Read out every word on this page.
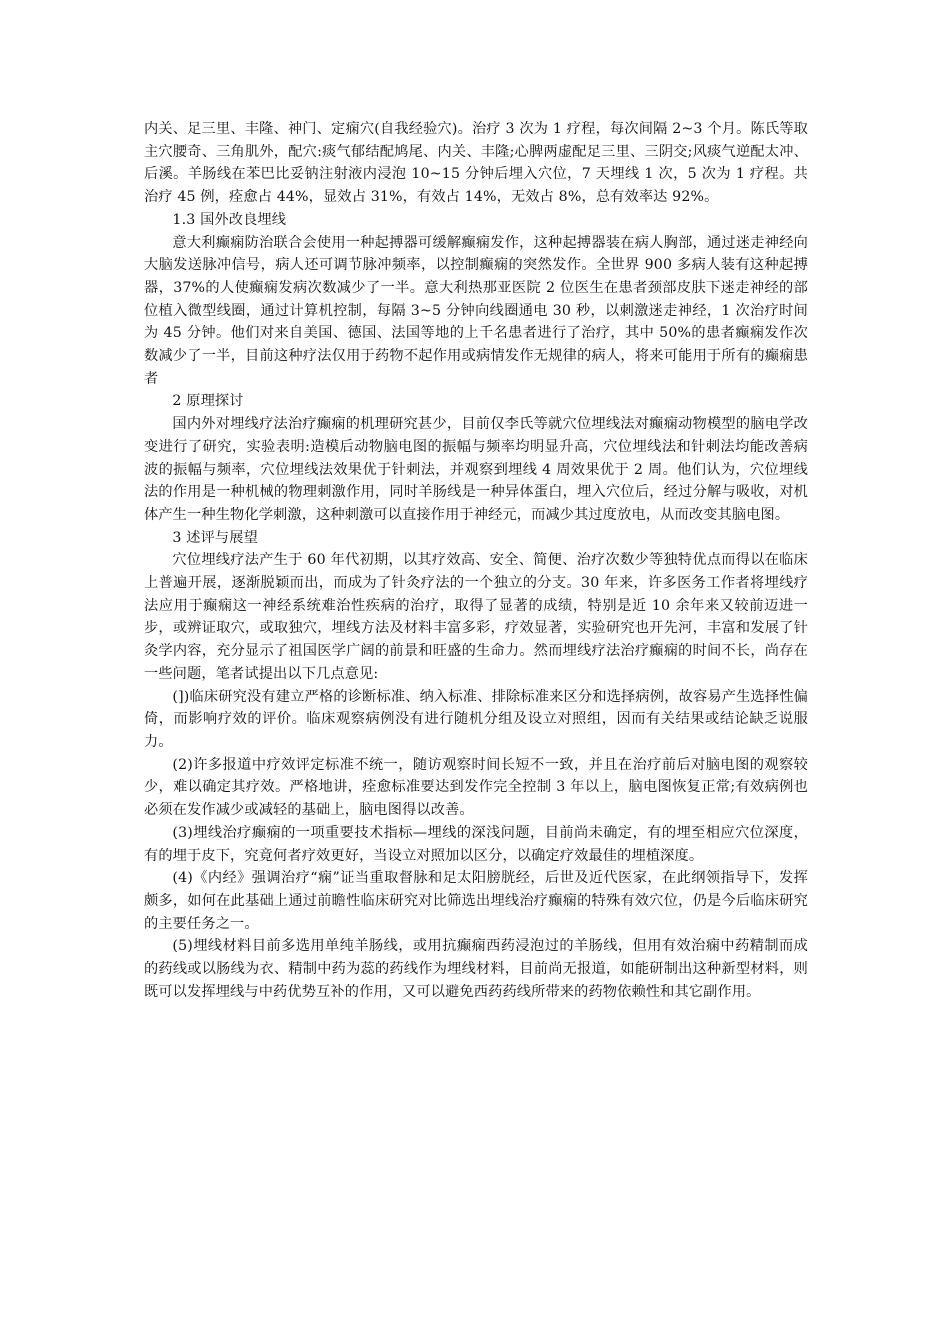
内关、足三里、丰隆、神门、定痫穴(自我经验穴)。治疗 3 次为 1 疗程，每次间隔 2~3 个月。陈氏等取主穴腰奇、三角肌外，配穴:痰气郁结配鸠尾、内关、丰隆;心脾两虚配足三里、三阴交;风痰气逆配太冲、后溪。羊肠线在苯巴比妥钠注射液内浸泡 10~15 分钟后埋入穴位，7 天埋线 1 次，5 次为 1 疗程。共治疗 45 例，痊愈占 44%，显效占 31%，有效占 14%，无效占 8%，总有效率达 92%。

1.3 国外改良埋线

意大利癫痫防治联合会使用一种起搏器可缓解癫痫发作，这种起搏器装在病人胸部，通过迷走神经向大脑发送脉冲信号，病人还可调节脉冲频率，以控制癫痫的突然发作。全世界 900 多病人装有这种起搏器，37%的人使癫痫发病次数减少了一半。意大利热那亚医院 2 位医生在患者颈部皮肤下迷走神经的部位植入微型线圈，通过计算机控制，每隔 3~5 分钟向线圈通电 30 秒，以刺激迷走神经，1 次治疗时间为 45 分钟。他们对来自美国、德国、法国等地的上千名患者进行了治疗，其中 50%的患者癫痫发作次数减少了一半，目前这种疗法仅用于药物不起作用或病情发作无规律的病人，将来可能用于所有的癫痫患者

2 原理探讨

国内外对埋线疗法治疗癫痫的机理研究甚少，目前仅李氏等就穴位埋线法对癫痫动物模型的脑电学改变进行了研究，实验表明:造模后动物脑电图的振幅与频率均明显升高，穴位埋线法和针刺法均能改善病波的振幅与频率，穴位埋线法效果优于针刺法，并观察到埋线 4 周效果优于 2 周。他们认为，穴位埋线法的作用是一种机械的物理刺激作用，同时羊肠线是一种异体蛋白，埋入穴位后，经过分解与吸收，对机体产生一种生物化学刺激，这种刺激可以直接作用于神经元，而减少其过度放电，从而改变其脑电图。

3 述评与展望

穴位埋线疗法产生于 60 年代初期，以其疗效高、安全、简便、治疗次数少等独特优点而得以在临床上普遍开展，逐渐脱颖而出，而成为了针灸疗法的一个独立的分支。30 年来，许多医务工作者将埋线疗法应用于癫痫这一神经系统难治性疾病的治疗，取得了显著的成绩，特别是近 10 余年来又较前迈进一步，或辨证取穴，或取独穴，埋线方法及材料丰富多彩，疗效显著，实验研究也开先河，丰富和发展了针灸学内容，充分显示了祖国医学广阔的前景和旺盛的生命力。然而埋线疗法治疗癫痫的时间不长，尚存在一些问题，笔者试提出以下几点意见:

(])临床研究没有建立严格的诊断标准、纳入标准、排除标准来区分和选择病例，故容易产生选择性偏倚，而影响疗效的评价。临床观察病例没有进行随机分组及设立对照组，因而有关结果或结论缺乏说服力。

(2)许多报道中疗效评定标准不统一，随访观察时间长短不一致，并且在治疗前后对脑电图的观察较少，难以确定其疗效。严格地讲，痊愈标准要达到发作完全控制 3 年以上，脑电图恢复正常;有效病例也必须在发作减少或减轻的基础上，脑电图得以改善。

(3)埋线治疗癫痫的一项重要技术指标—埋线的深浅问题，目前尚未确定，有的埋至相应穴位深度，有的埋于皮下，究竟何者疗效更好，当设立对照加以区分，以确定疗效最佳的埋植深度。

(4)《内经》强调治疗“痫”证当重取督脉和足太阳膀胱经，后世及近代医家，在此纲领指导下，发挥颇多，如何在此基础上通过前瞻性临床研究对比筛选出埋线治疗癫痫的特殊有效穴位，仍是今后临床研究的主要任务之一。

(5)埋线材料目前多选用单纯羊肠线，或用抗癫痫西药浸泡过的羊肠线，但用有效治痫中药精制而成的药线或以肠线为衣、精制中药为蕊的药线作为埋线材料，目前尚无报道，如能研制出这种新型材料，则既可以发挥埋线与中药优势互补的作用，又可以避免西药药线所带来的药物依赖性和其它副作用。
